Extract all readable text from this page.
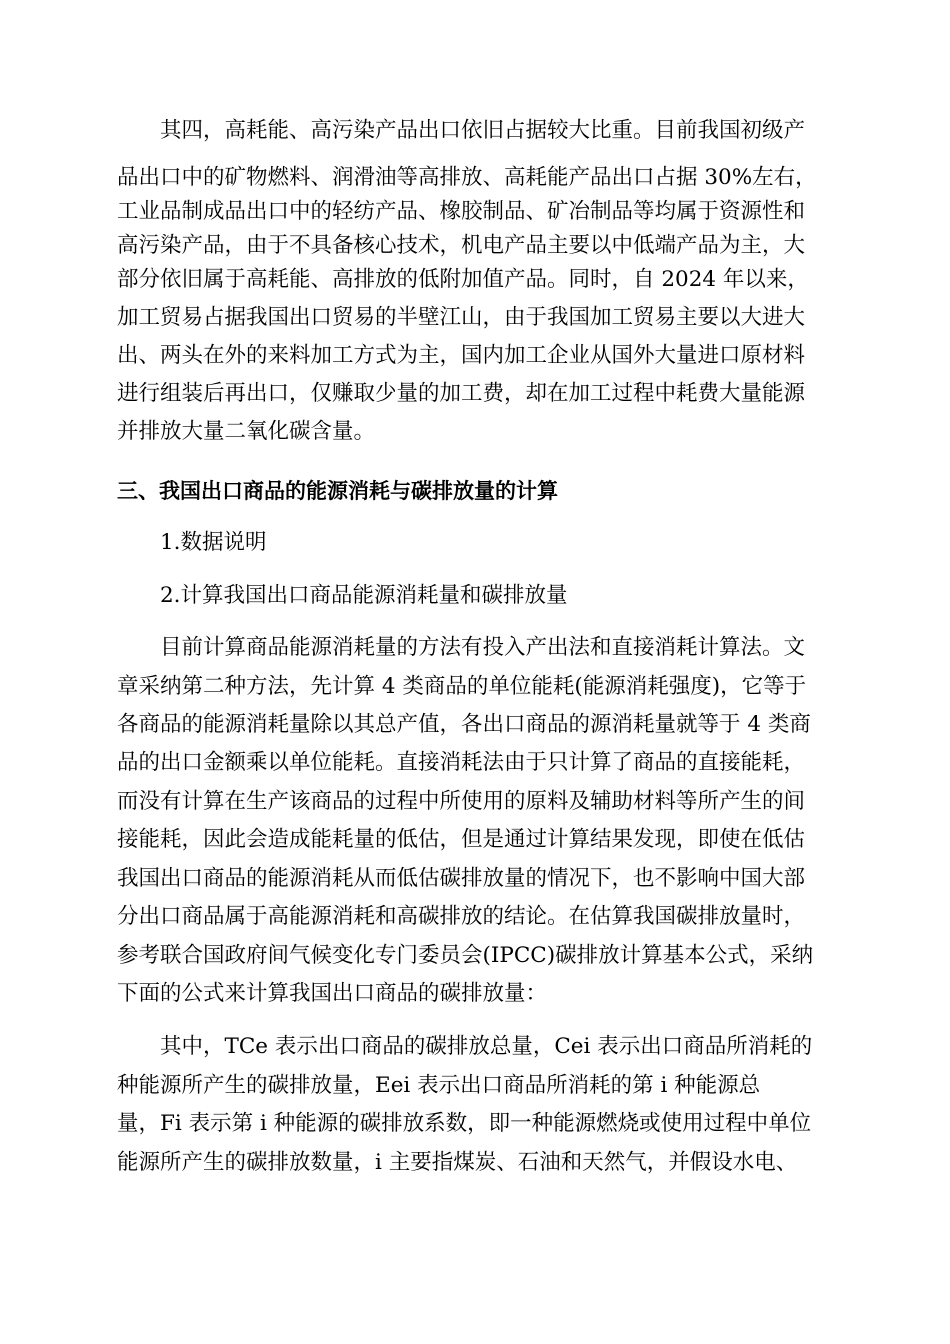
其四，高耗能、高污染产品出口依旧占据较大比重。目前我国初级产

品出口中的矿物燃料、润滑油等高排放、高耗能产品出口占据 30%左右，

工业品制成品出口中的轻纺产品、橡胶制品、矿冶制品等均属于资源性和

高污染产品，由于不具备核心技术，机电产品主要以中低端产品为主，大

部分依旧属于高耗能、高排放的低附加值产品。同时，自 2024 年以来，

加工贸易占据我国出口贸易的半壁江山，由于我国加工贸易主要以大进大

出、两头在外的来料加工方式为主，国内加工企业从国外大量进口原材料

进行组装后再出口，仅赚取少量的加工费，却在加工过程中耗费大量能源

并排放大量二氧化碳含量。

三、我国出口商品的能源消耗与碳排放量的计算

1.数据说明

2.计算我国出口商品能源消耗量和碳排放量

目前计算商品能源消耗量的方法有投入产出法和直接消耗计算法。文

章采纳第二种方法，先计算 4 类商品的单位能耗(能源消耗强度)，它等于

各商品的能源消耗量除以其总产值，各出口商品的源消耗量就等于 4 类商

品的出口金额乘以单位能耗。直接消耗法由于只计算了商品的直接能耗，

而没有计算在生产该商品的过程中所使用的原料及辅助材料等所产生的间

接能耗，因此会造成能耗量的低估，但是通过计算结果发现，即使在低估

我国出口商品的能源消耗从而低估碳排放量的情况下，也不影响中国大部

分出口商品属于高能源消耗和高碳排放的结论。在估算我国碳排放量时，

参考联合国政府间气候变化专门委员会(IPCC)碳排放计算基本公式，采纳

下面的公式来计算我国出口商品的碳排放量：

其中，TCe 表示出口商品的碳排放总量，Cei 表示出口商品所消耗的

种能源所产生的碳排放量，Eei 表示出口商品所消耗的第 i 种能源总

量，Fi 表示第 i 种能源的碳排放系数，即一种能源燃烧或使用过程中单位

能源所产生的碳排放数量，i 主要指煤炭、石油和天然气，并假设水电、
